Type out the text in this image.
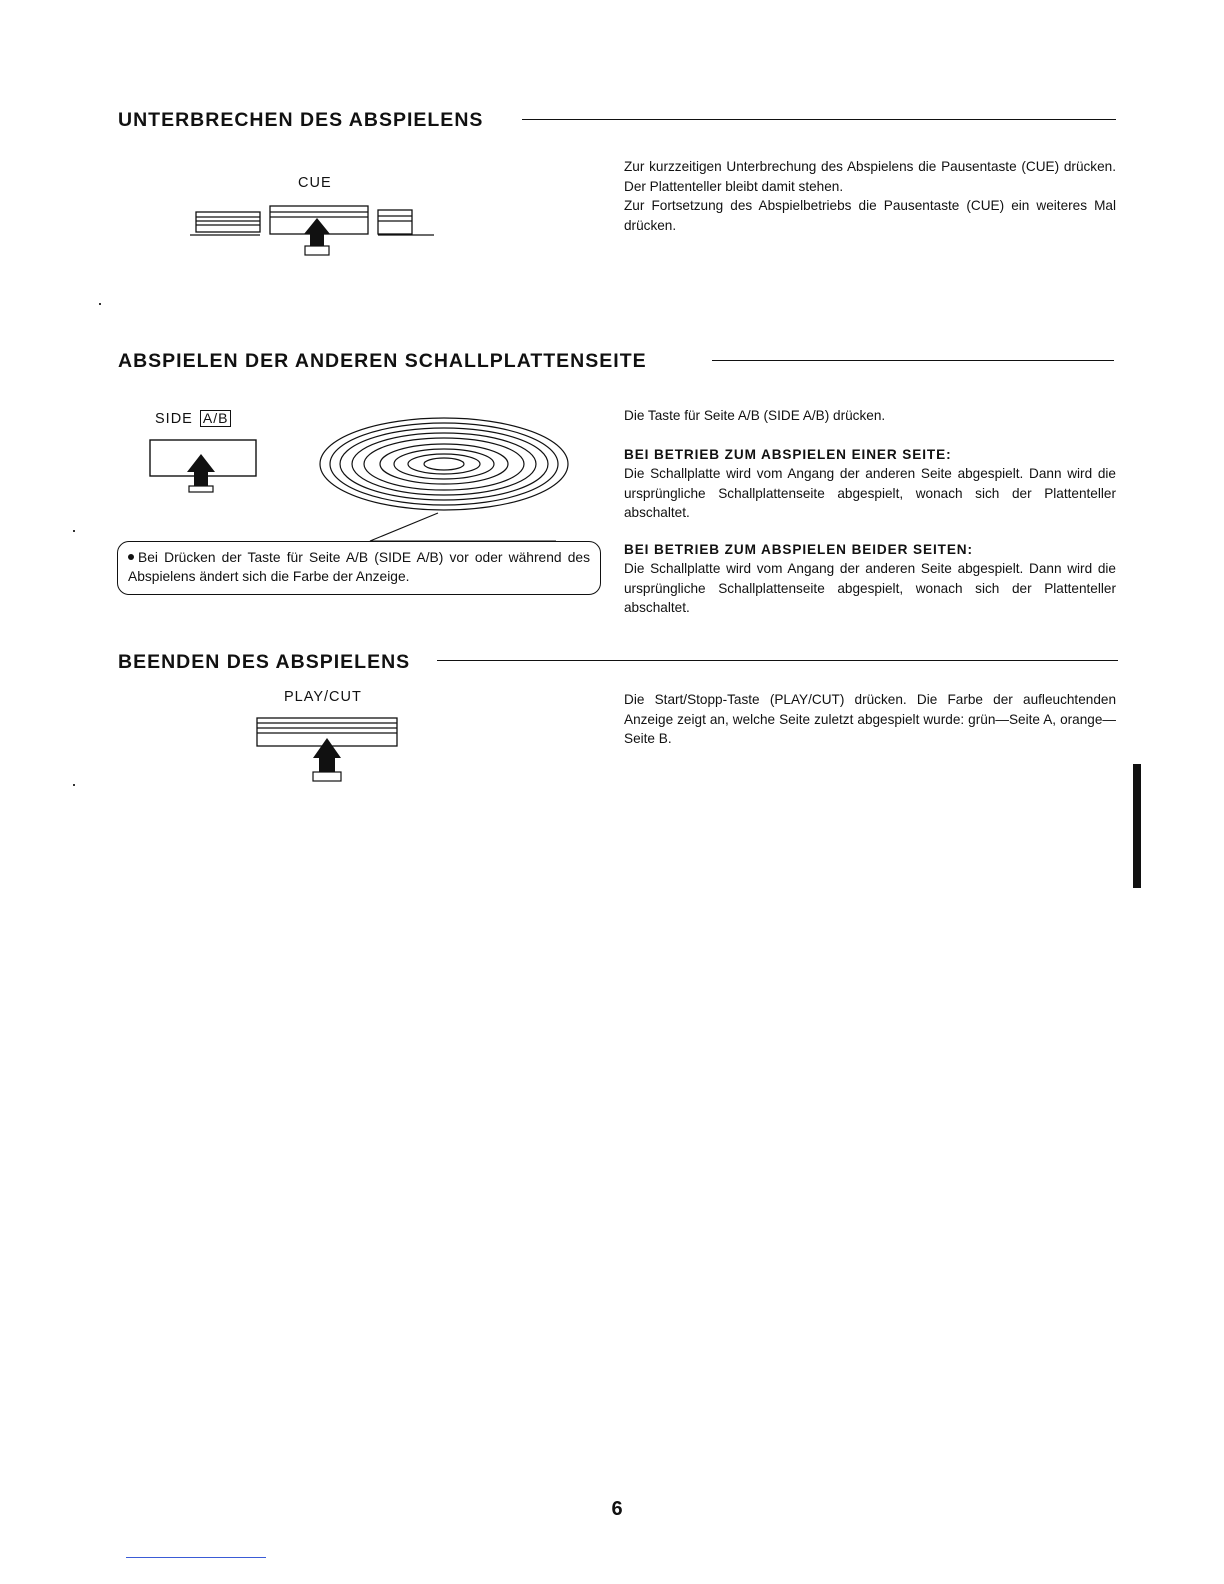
UNTERBRECHEN DES ABSPIELENS
CUE

Zur kurzzeitigen Unterbrechung des Abspielens die Pausentaste (CUE) drücken. Der Plattenteller bleibt damit stehen.

Zur Fortsetzung des Abspielbetriebs die Pausentaste (CUE) ein weiteres Mal drücken.

ABSPIELEN DER ANDEREN SCHALLPLATTENSEITE
SIDE A/B
Bei Drücken der Taste für Seite A/B (SIDE A/B) vor oder während des Abspielens ändert sich die Farbe der Anzeige.

Die Taste für Seite A/B (SIDE A/B) drücken.

BEI BETRIEB ZUM ABSPIELEN EINER SEITE:

Die Schallplatte wird vom Angang der anderen Seite abgespielt. Dann wird die ursprüngliche Schallplattenseite abgespielt, wonach sich der Plattenteller abschaltet.

BEI BETRIEB ZUM ABSPIELEN BEIDER SEITEN:

Die Schallplatte wird vom Angang der anderen Seite abgespielt. Dann wird die ursprüngliche Schallplattenseite abgespielt, wonach sich der Plattenteller abschaltet.

BEENDEN DES ABSPIELENS
PLAY/CUT	Die Start/Stopp-Taste (PLAY/CUT) drücken. Die Farbe der aufleuchtenden Anzeige zeigt an, welche Seite zuletzt abgespielt wurde: grün—Seite A, orange—Seite B.

6
